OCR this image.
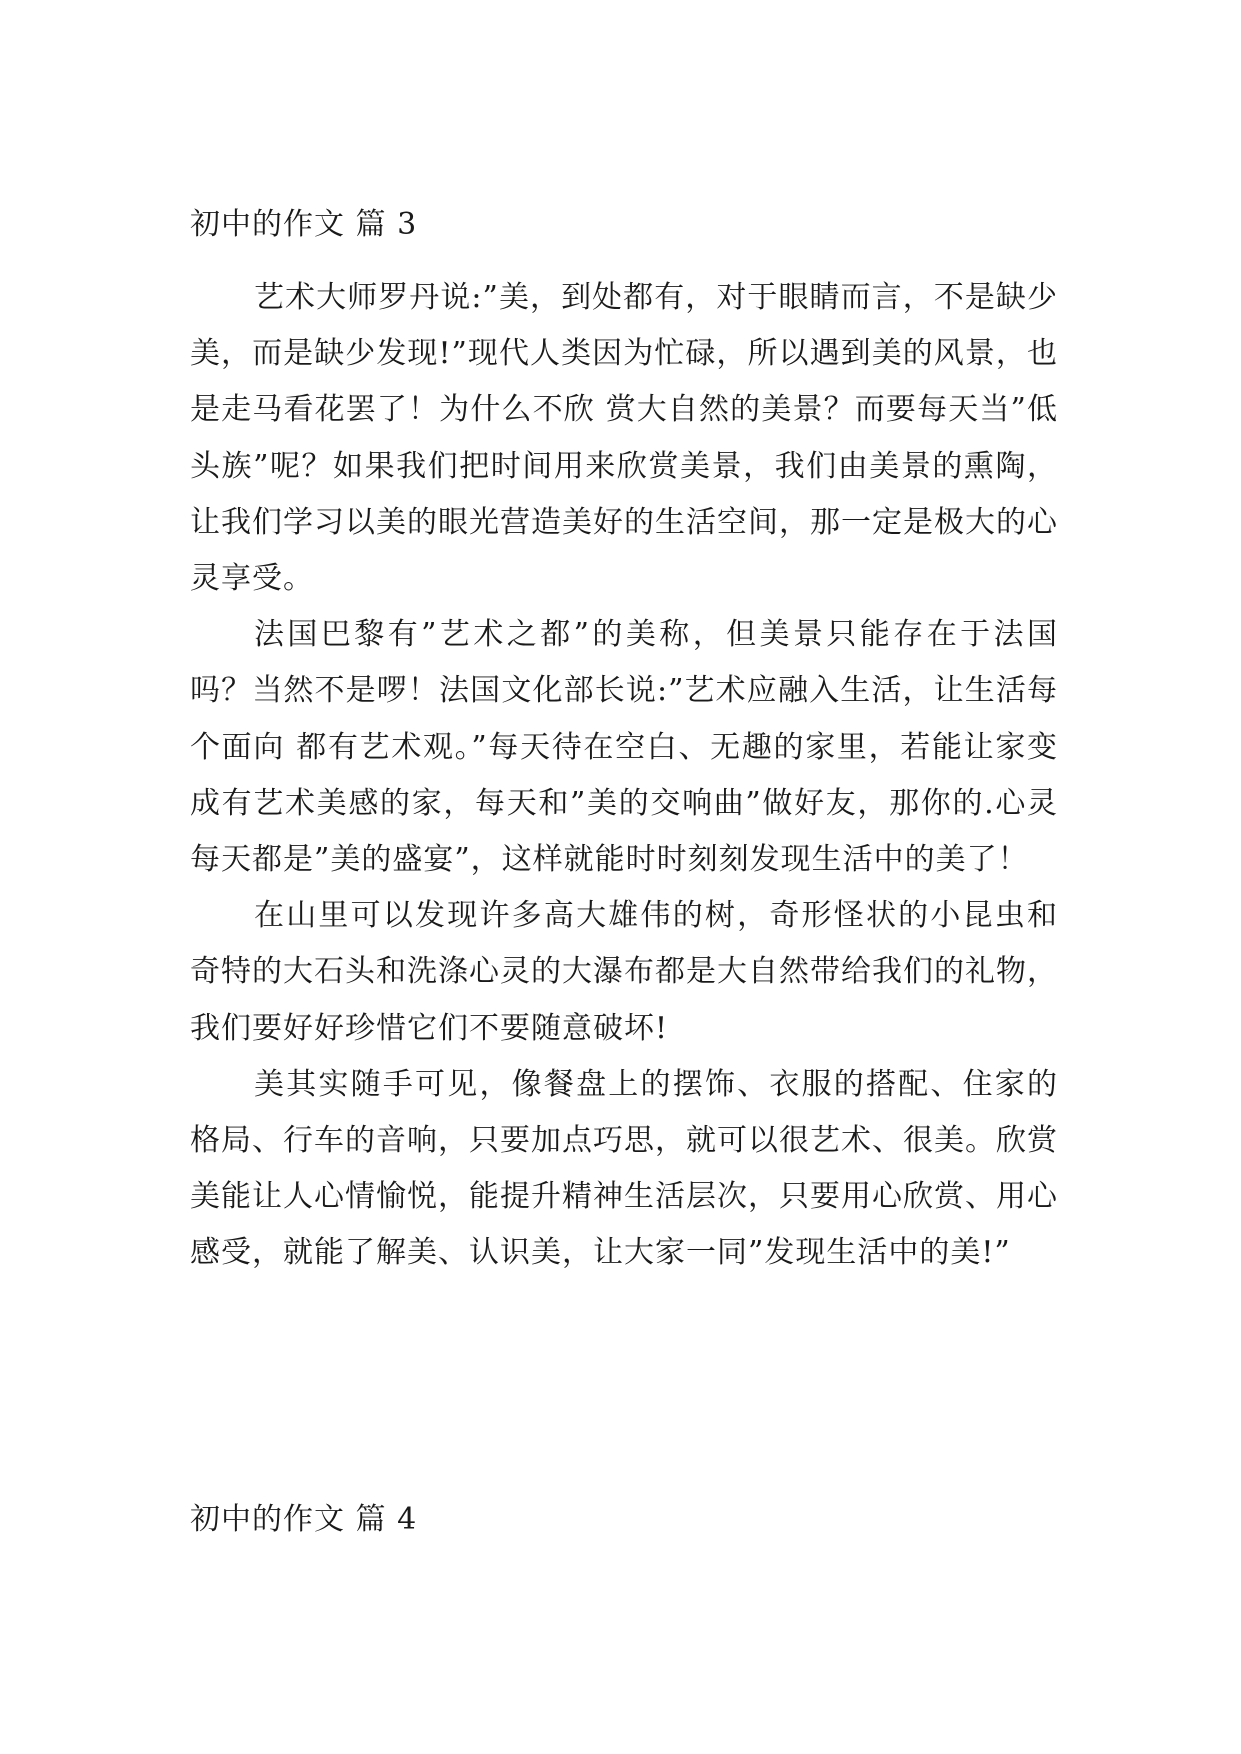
初中的作文 篇 3

艺术大师罗丹说:”美，到处都有，对于眼睛而言，不是缺少美，而是缺少发现!”现代人类因为忙碌，所以遇到美的风景，也是走马看花罢了！为什么不欣 赏大自然的美景？而要每天当”低头族”呢？如果我们把时间用来欣赏美景，我们由美景的熏陶，让我们学习以美的眼光营造美好的生活空间，那一定是极大的心 灵享受。

法国巴黎有”艺术之都”的美称，但美景只能存在于法国吗？当然不是啰！法国文化部长说:”艺术应融入生活，让生活每个面向 都有艺术观。”每天待在空白、无趣的家里，若能让家变成有艺术美感的家，每天和”美的交响曲”做好友，那你的.心灵每天都是”美的盛宴”，这样就能时时刻刻发现生活中的美了！

在山里可以发现许多高大雄伟的树，奇形怪状的小昆虫和奇特的大石头和洗涤心灵的大瀑布都是大自然带给我们的礼物，我们要好好珍惜它们不要随意破坏!

美其实随手可见，像餐盘上的摆饰、衣服的搭配、住家的格局、行车的音响，只要加点巧思，就可以很艺术、很美。欣赏美能让人心情愉悦，能提升精神生活层次，只要用心欣赏、用心感受，就能了解美、认识美，让大家一同”发现生活中的美!”

初中的作文 篇 4
